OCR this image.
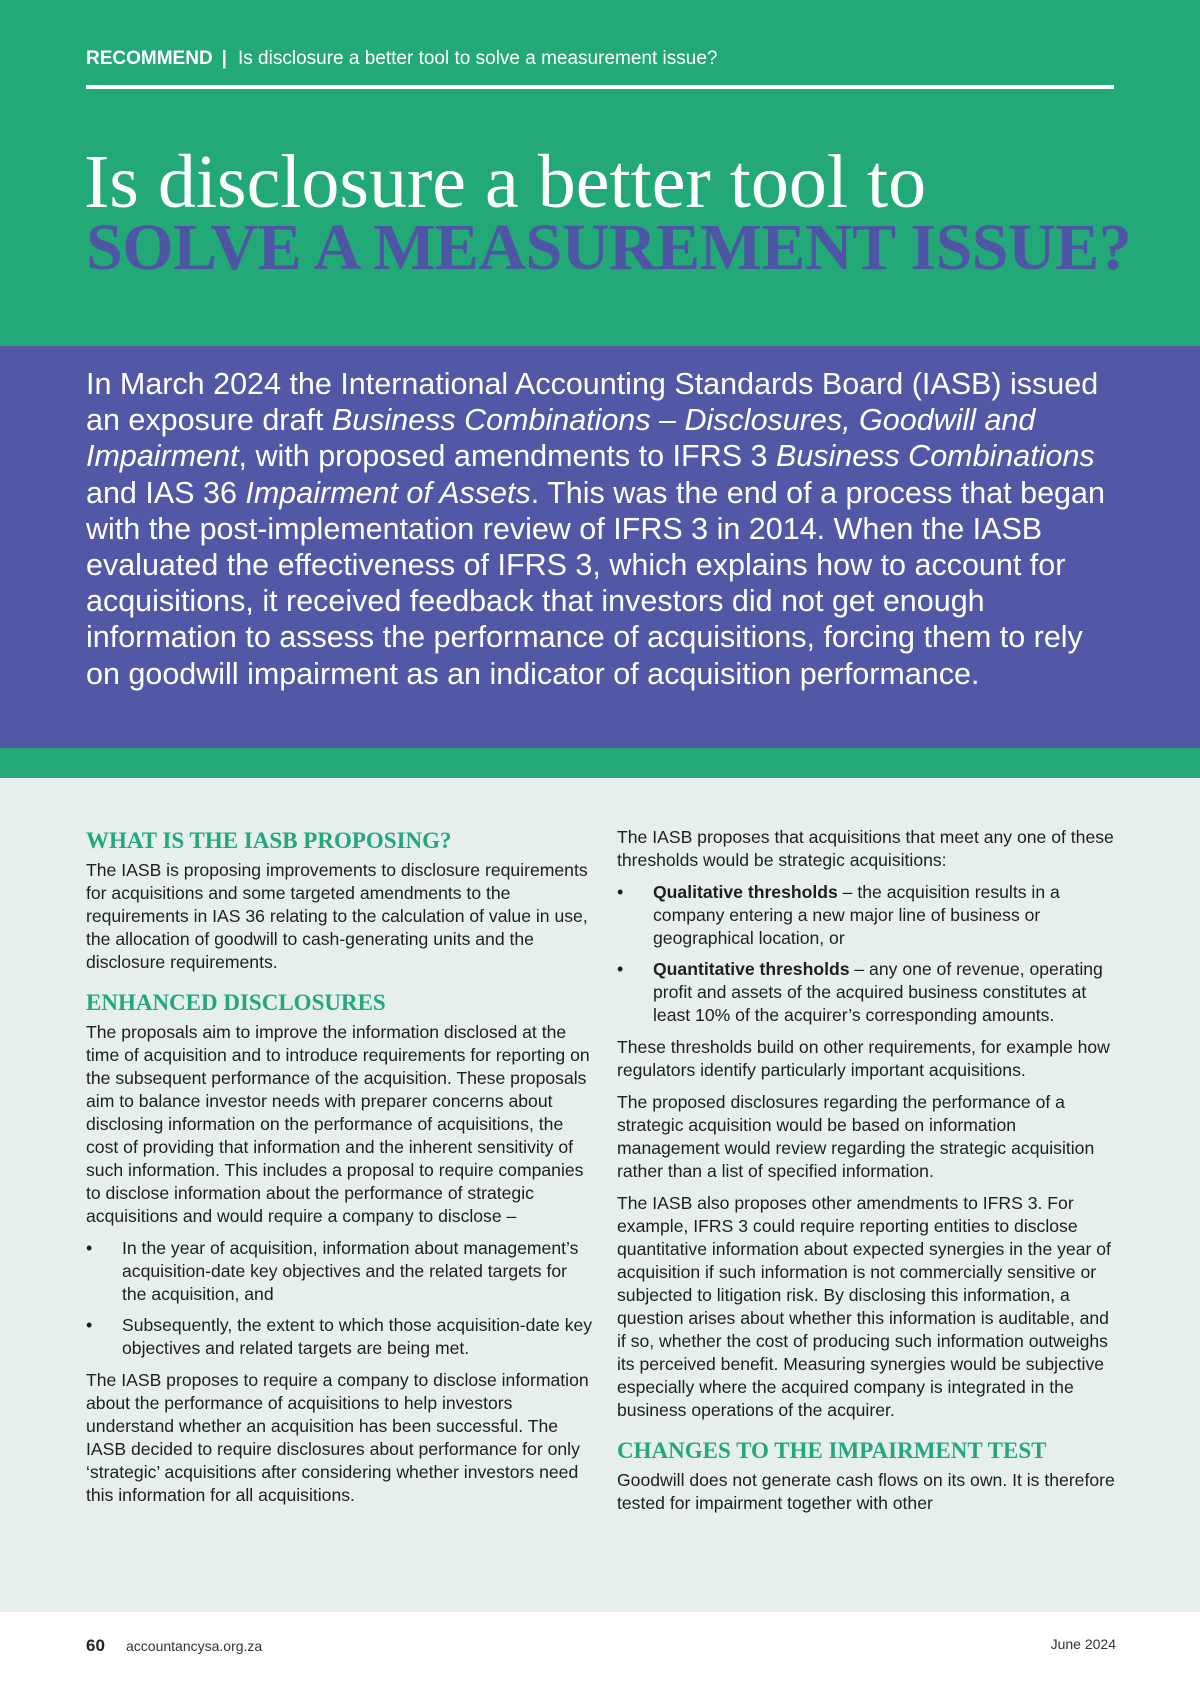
RECOMMEND | Is disclosure a better tool to solve a measurement issue?
Is disclosure a better tool to
SOLVE A MEASUREMENT ISSUE?

In March 2024 the International Accounting Standards Board (IASB) issued an exposure draft Business Combinations – Disclosures, Goodwill and Impairment, with proposed amendments to IFRS 3 Business Combinations and IAS 36 Impairment of Assets. This was the end of a process that began with the post-implementation review of IFRS 3 in 2014. When the IASB evaluated the effectiveness of IFRS 3, which explains how to account for acquisitions, it received feedback that investors did not get enough information to assess the performance of acquisitions, forcing them to rely on goodwill impairment as an indicator of acquisition performance.

WHAT IS THE IASB PROPOSING?

The IASB is proposing improvements to disclosure requirements for acquisitions and some targeted amendments to the requirements in IAS 36 relating to the calculation of value in use, the allocation of goodwill to cash-generating units and the disclosure requirements.

ENHANCED DISCLOSURES

The proposals aim to improve the information disclosed at the time of acquisition and to introduce requirements for reporting on the subsequent performance of the acquisition. These proposals aim to balance investor needs with preparer concerns about disclosing information on the performance of acquisitions, the cost of providing that information and the inherent sensitivity of such information. This includes a proposal to require companies to disclose information about the performance of strategic acquisitions and would require a company to disclose –

• In the year of acquisition, information about management’s acquisition-date key objectives and the related targets for the acquisition, and
• Subsequently, the extent to which those acquisition-date key objectives and related targets are being met.

The IASB proposes to require a company to disclose information about the performance of acquisitions to help investors understand whether an acquisition has been successful. The IASB decided to require disclosures about performance for only ‘strategic’ acquisitions after considering whether investors need this information for all acquisitions.

The IASB proposes that acquisitions that meet any one of these thresholds would be strategic acquisitions:

• Qualitative thresholds – the acquisition results in a company entering a new major line of business or geographical location, or
• Quantitative thresholds – any one of revenue, operating profit and assets of the acquired business constitutes at least 10% of the acquirer’s corresponding amounts.

These thresholds build on other requirements, for example how regulators identify particularly important acquisitions.

The proposed disclosures regarding the performance of a strategic acquisition would be based on information management would review regarding the strategic acquisition rather than a list of specified information.

The IASB also proposes other amendments to IFRS 3. For example, IFRS 3 could require reporting entities to disclose quantitative information about expected synergies in the year of acquisition if such information is not commercially sensitive or subjected to litigation risk. By disclosing this information, a question arises about whether this information is auditable, and if so, whether the cost of producing such information outweighs its perceived benefit. Measuring synergies would be subjective especially where the acquired company is integrated in the business operations of the acquirer.

CHANGES TO THE IMPAIRMENT TEST

Goodwill does not generate cash flows on its own. It is therefore tested for impairment together with other

60 accountancysa.org.za	June 2024
